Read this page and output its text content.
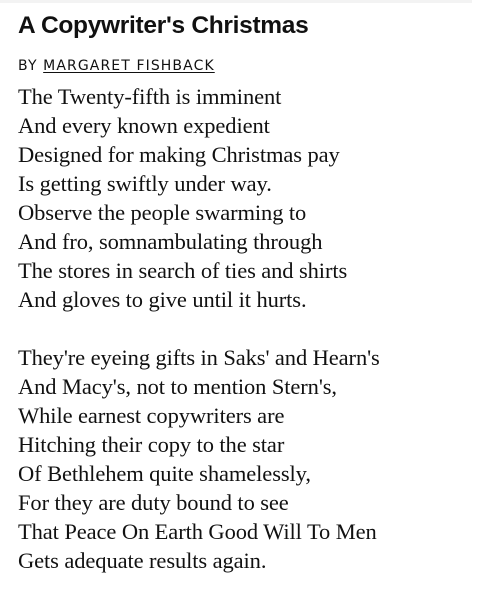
A Copywriter's Christmas
BY MARGARET FISHBACK

The Twenty-fifth is imminent
And every known expedient
Designed for making Christmas pay
Is getting swiftly under way.
Observe the people swarming to
And fro, somnambulating through
The stores in search of ties and shirts
And gloves to give until it hurts.

They're eyeing gifts in Saks' and Hearn's
And Macy's, not to mention Stern's,
While earnest copywriters are
Hitching their copy to the star
Of Bethlehem quite shamelessly,
For they are duty bound to see
That Peace On Earth Good Will To Men
Gets adequate results again.
